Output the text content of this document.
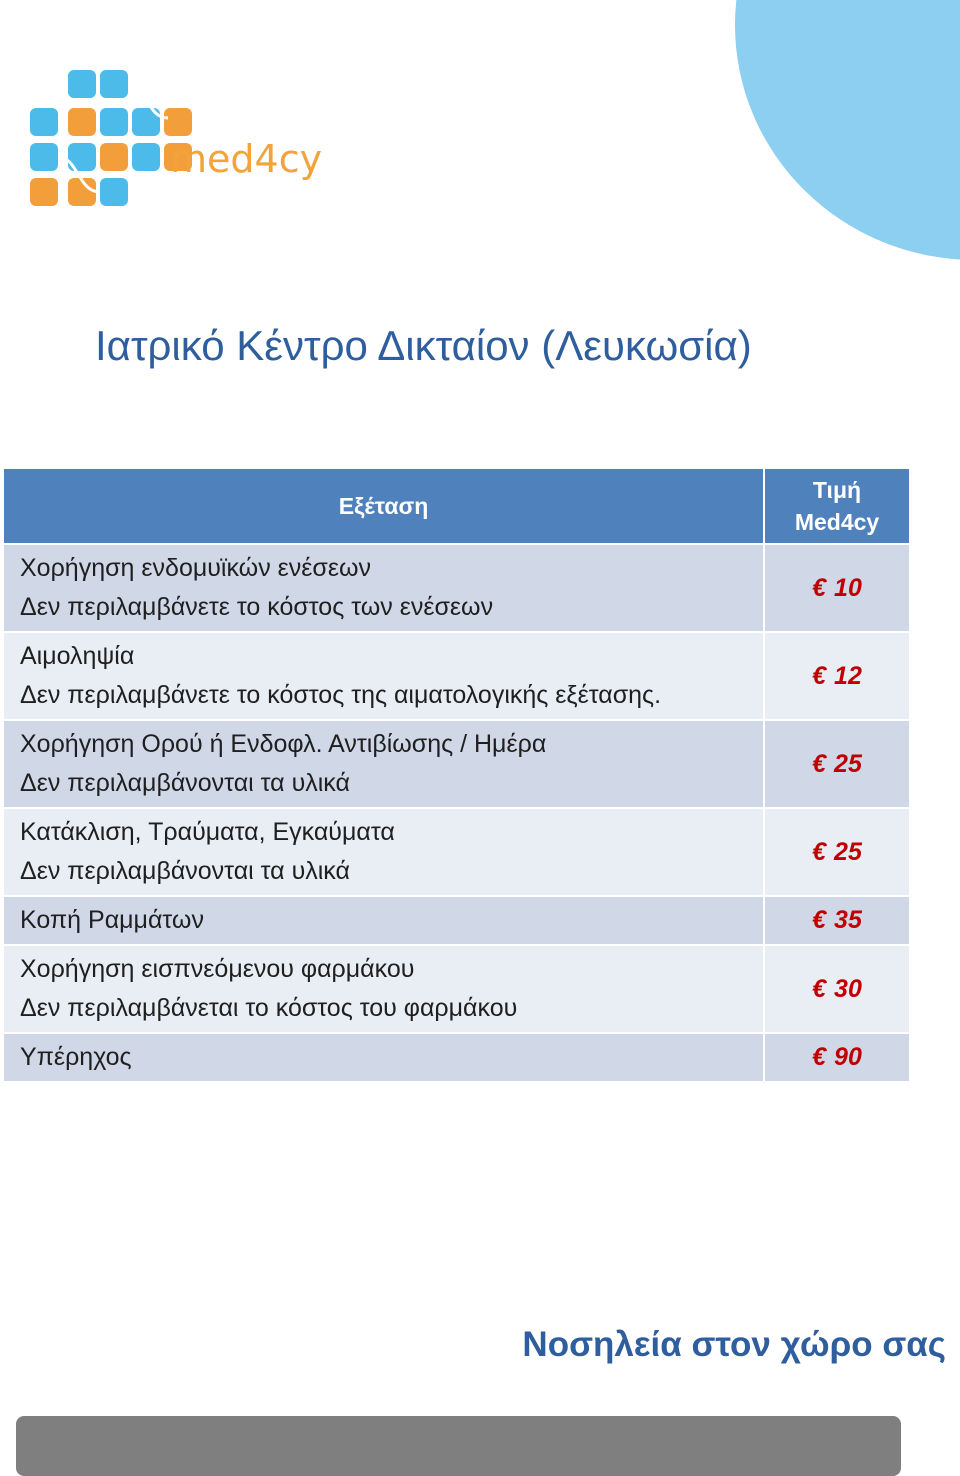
med4cy
Ιατρικό Κέντρο Δικταίον (Λευκωσία)
Εξέταση	Τιμή
Med4cy

Χορήγηση ενδομυϊκών ενέσεων
Δεν περιλαμβάνετε το κόστος των ενέσεων	€ 10

Αιμοληψία
Δεν περιλαμβάνετε το κόστος της αιματολογικής εξέτασης.	€ 12

Χορήγηση Ορού ή Ενδοφλ. Αντιβίωσης / Ημέρα
Δεν περιλαμβάνονται τα υλικά	€ 25

Κατάκλιση, Τραύματα, Εγκαύματα
Δεν περιλαμβάνονται τα υλικά	€ 25

Κοπή Ραμμάτων	€ 35

Χορήγηση εισπνεόμενου φαρμάκου
Δεν περιλαμβάνεται το κόστος του φαρμάκου	€ 30

Υπέρηχος	€ 90
Νοσηλεία στον χώρο σας
